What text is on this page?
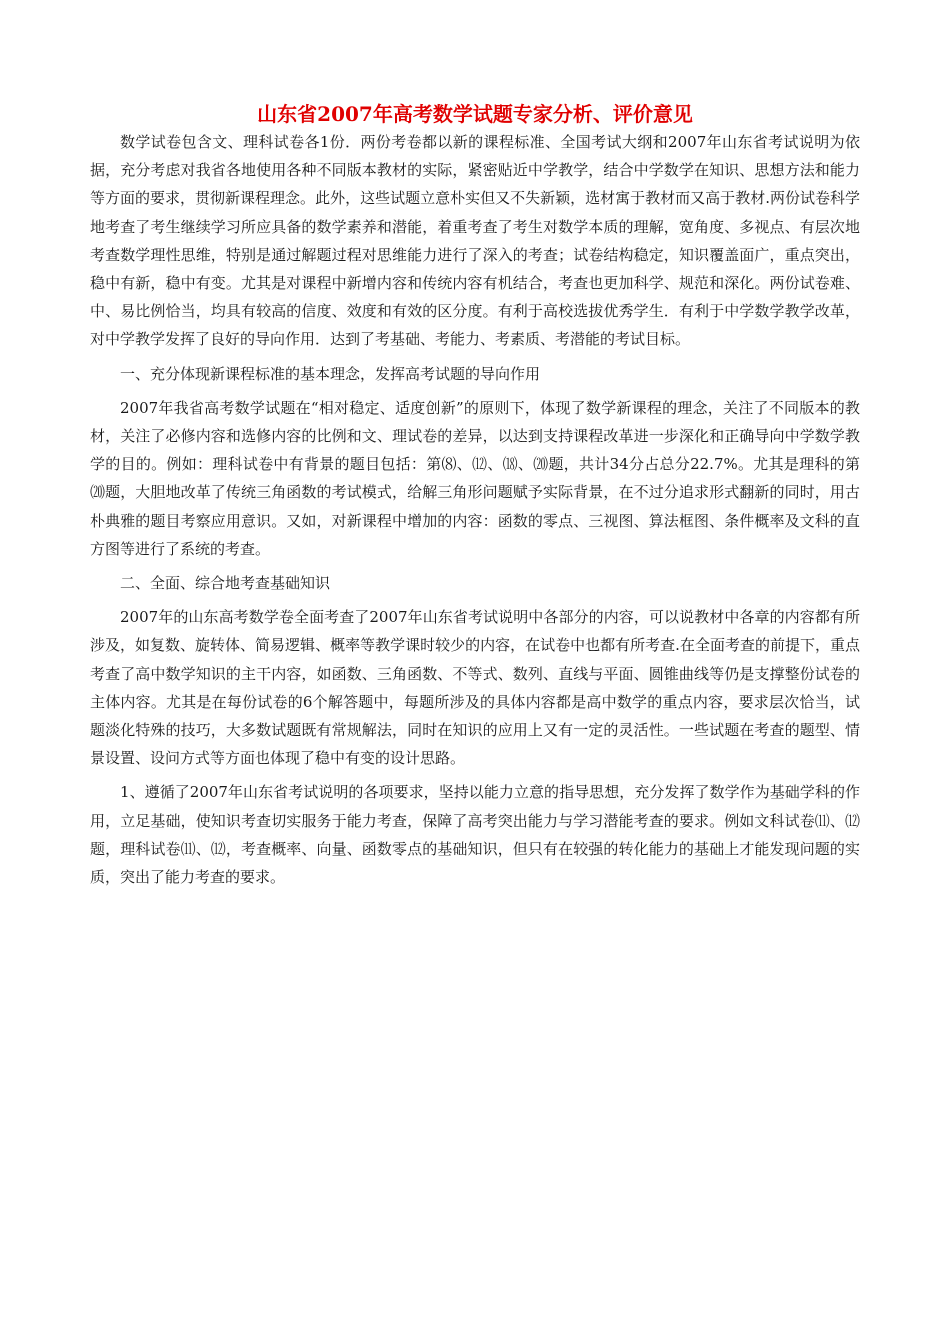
山东省2007年高考数学试题专家分析、评价意见

数学试卷包含文、理科试卷各1份．两份考卷都以新的课程标准、全国考试大纲和2007年山东省考试说明为依据，充分考虑对我省各地使用各种不同版本教材的实际，紧密贴近中学教学，结合中学数学在知识、思想方法和能力等方面的要求，贯彻新课程理念。此外，这些试题立意朴实但又不失新颖，选材寓于教材而又高于教材.两份试卷科学地考查了考生继续学习所应具备的数学素养和潜能，着重考查了考生对数学本质的理解，宽角度、多视点、有层次地考查数学理性思维，特别是通过解题过程对思维能力进行了深入的考查；试卷结构稳定，知识覆盖面广，重点突出，稳中有新，稳中有变。尤其是对课程中新增内容和传统内容有机结合，考查也更加科学、规范和深化。两份试卷难、中、易比例恰当，均具有较高的信度、效度和有效的区分度。有利于高校选拔优秀学生．有利于中学数学教学改革，对中学教学发挥了良好的导向作用．达到了考基础、考能力、考素质、考潜能的考试目标。

一、充分体现新课程标准的基本理念，发挥高考试题的导向作用

2007年我省高考数学试题在“相对稳定、适度创新”的原则下，体现了数学新课程的理念，关注了不同版本的教材，关注了必修内容和选修内容的比例和文、理试卷的差异，以达到支持课程改革进一步深化和正确导向中学数学教学的目的。例如：理科试卷中有背景的题目包括：第⑻、⑿、⒅、⒇题，共计34分占总分22.7%。尤其是理科的第⒇题，大胆地改革了传统三角函数的考试模式，给解三角形问题赋予实际背景，在不过分追求形式翻新的同时，用古朴典雅的题目考察应用意识。又如，对新课程中增加的内容：函数的零点、三视图、算法框图、条件概率及文科的直方图等进行了系统的考查。

二、全面、综合地考查基础知识

2007年的山东高考数学卷全面考查了2007年山东省考试说明中各部分的内容，可以说教材中各章的内容都有所涉及，如复数、旋转体、简易逻辑、概率等教学课时较少的内容，在试卷中也都有所考查.在全面考查的前提下，重点考查了高中数学知识的主干内容，如函数、三角函数、不等式、数列、直线与平面、圆锥曲线等仍是支撑整份试卷的主体内容。尤其是在每份试卷的6个解答题中，每题所涉及的具体内容都是高中数学的重点内容，要求层次恰当，试题淡化特殊的技巧，大多数试题既有常规解法，同时在知识的应用上又有一定的灵活性。一些试题在考查的题型、情景设置、设问方式等方面也体现了稳中有变的设计思路。

1、遵循了2007年山东省考试说明的各项要求，坚持以能力立意的指导思想，充分发挥了数学作为基础学科的作用，立足基础，使知识考查切实服务于能力考查，保障了高考突出能力与学习潜能考查的要求。例如文科试卷⑾、⑿题，理科试卷⑾、⑿，考查概率、向量、函数零点的基础知识，但只有在较强的转化能力的基础上才能发现问题的实质，突出了能力考查的要求。
